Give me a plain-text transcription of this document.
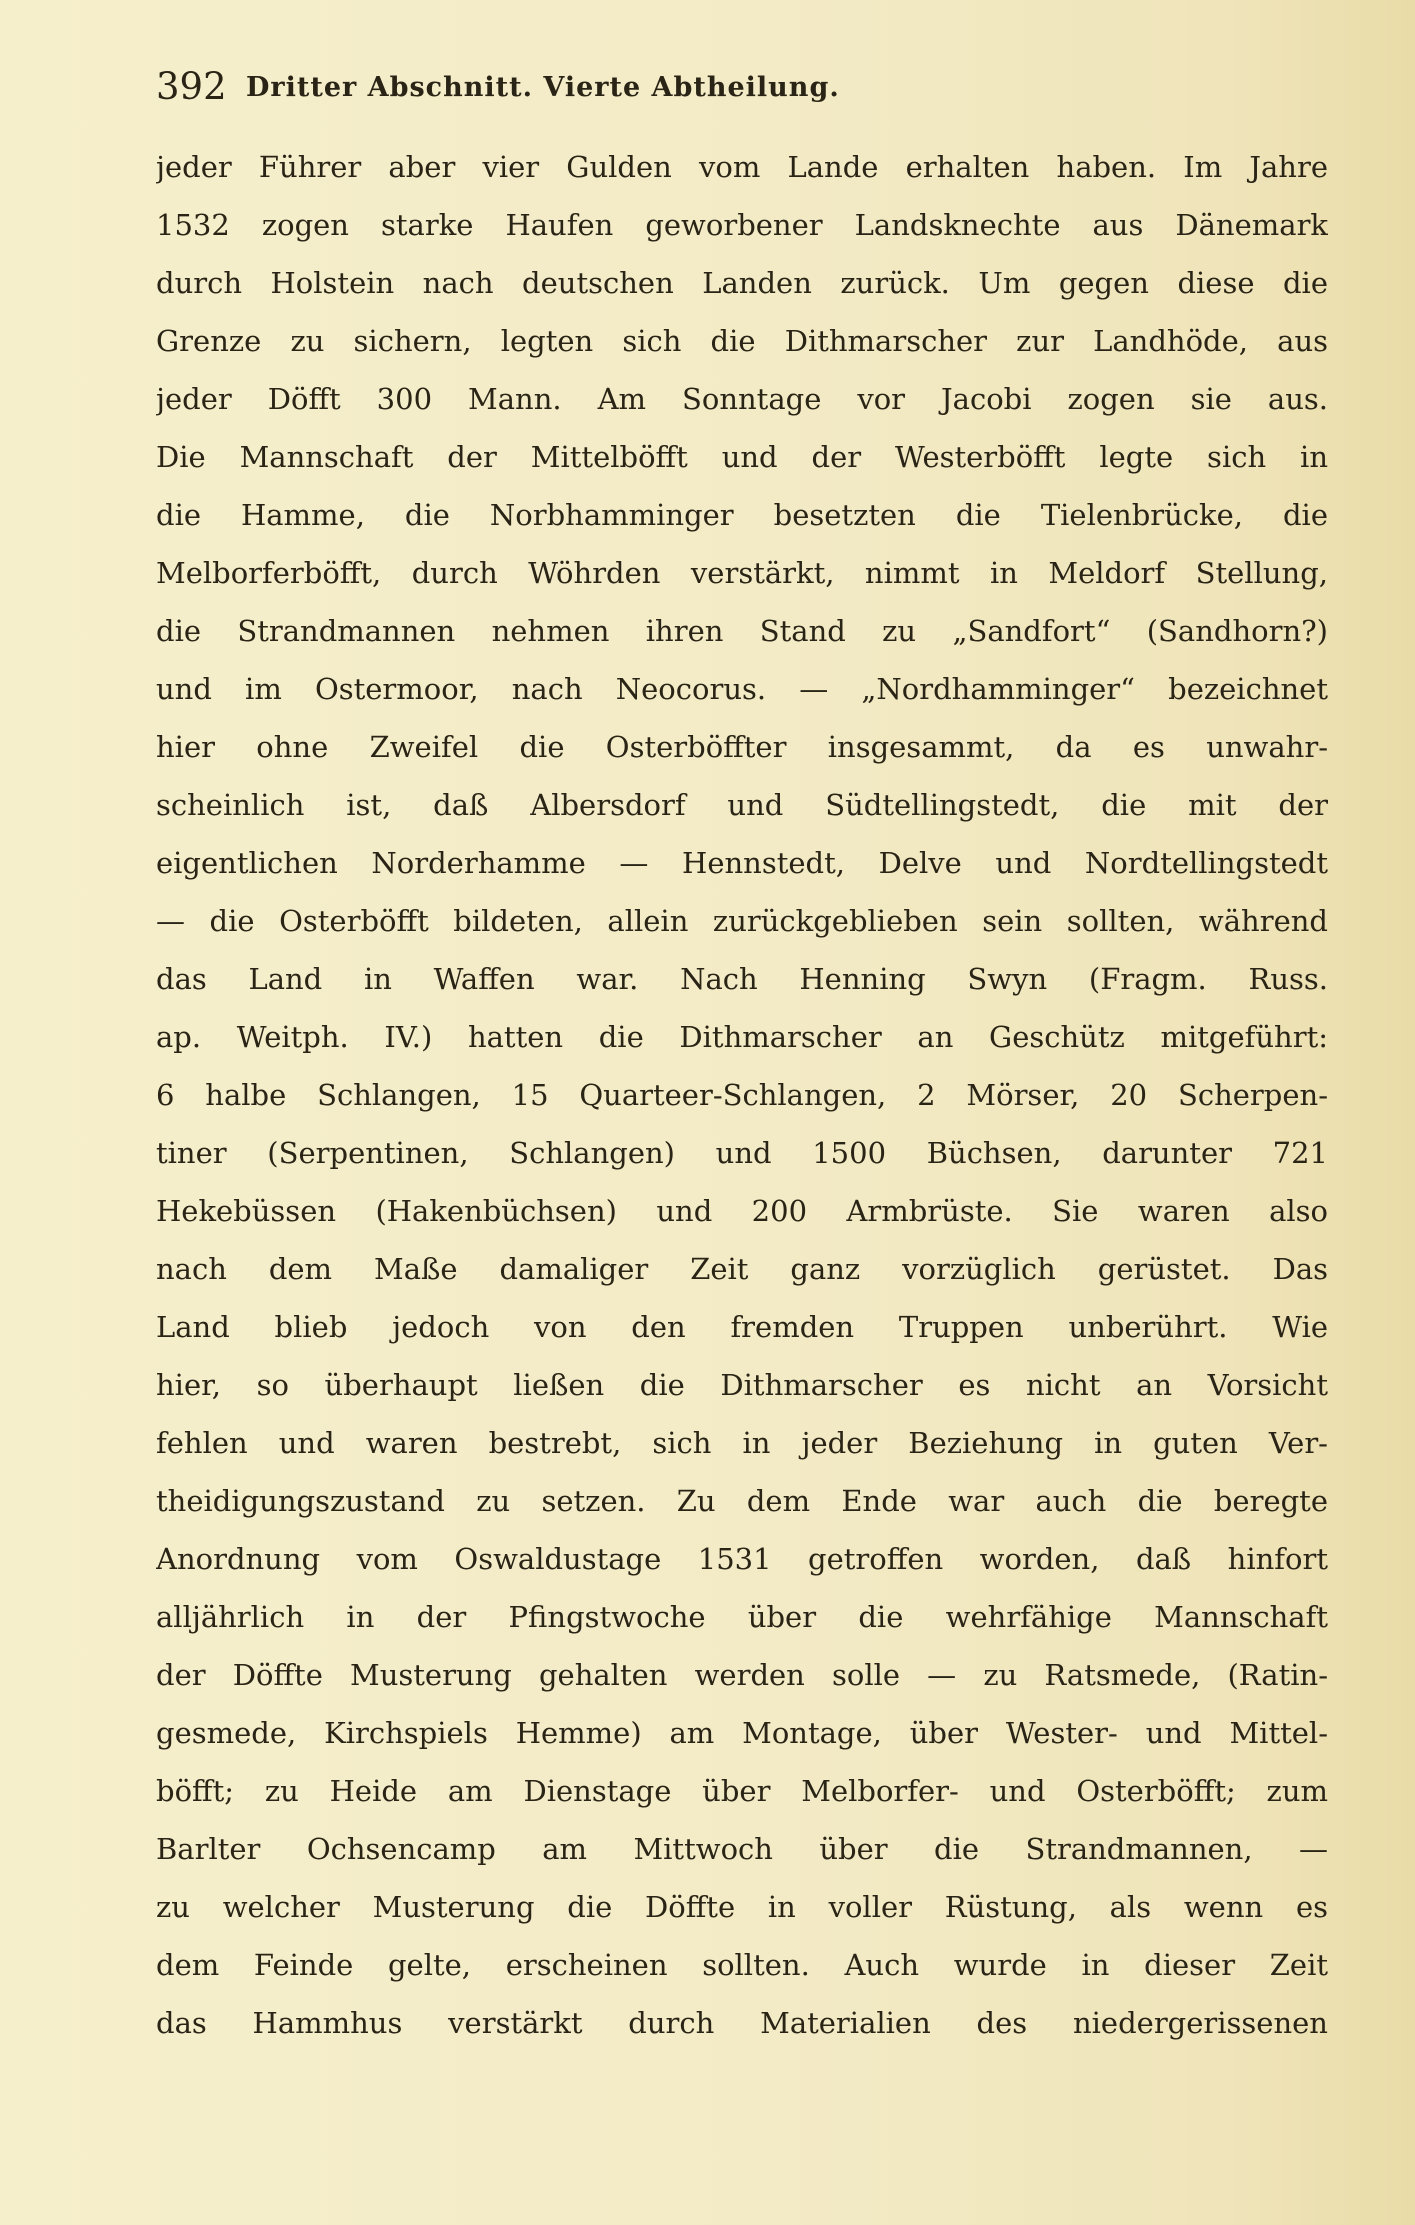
392 Dritter Abschnitt. Vierte Abtheilung.
jeder Führer aber vier Gulden vom Lande erhalten haben. Im Jahre
1532 zogen starke Haufen geworbener Landsknechte aus Dänemark
durch Holstein nach deutschen Landen zurück. Um gegen diese die
Grenze zu sichern, legten sich die Dithmarscher zur Landhöde, aus
jeder Döfft 300 Mann. Am Sonntage vor Jacobi zogen sie aus.
Die Mannschaft der Mittelböfft und der Westerböfft legte sich in
die Hamme, die Norbhamminger besetzten die Tielenbrücke, die
Melborferböfft, durch Wöhrden verstärkt, nimmt in Meldorf Stellung,
die Strandmannen nehmen ihren Stand zu „Sandfort“ (Sandhorn?)
und im Ostermoor, nach Neocorus. — „Nordhamminger“ bezeichnet
hier ohne Zweifel die Osterböffter insgesammt, da es unwahr-
scheinlich ist, daß Albersdorf und Südtellingstedt, die mit der
eigentlichen Norderhamme — Hennstedt, Delve und Nordtellingstedt
— die Osterböfft bildeten, allein zurückgeblieben sein sollten, während
das Land in Waffen war. Nach Henning Swyn (Fragm. Russ.
ap. Weitph. IV.) hatten die Dithmarscher an Geschütz mitgeführt:
6 halbe Schlangen, 15 Quarteer-Schlangen, 2 Mörser, 20 Scherpen-
tiner (Serpentinen, Schlangen) und 1500 Büchsen, darunter 721
Hekebüssen (Hakenbüchsen) und 200 Armbrüste. Sie waren also
nach dem Maße damaliger Zeit ganz vorzüglich gerüstet. Das
Land blieb jedoch von den fremden Truppen unberührt. Wie
hier, so überhaupt ließen die Dithmarscher es nicht an Vorsicht
fehlen und waren bestrebt, sich in jeder Beziehung in guten Ver-
theidigungszustand zu setzen. Zu dem Ende war auch die beregte
Anordnung vom Oswaldustage 1531 getroffen worden, daß hinfort
alljährlich in der Pfingstwoche über die wehrfähige Mannschaft
der Döffte Musterung gehalten werden solle — zu Ratsmede, (Ratin-
gesmede, Kirchspiels Hemme) am Montage, über Wester- und Mittel-
böfft; zu Heide am Dienstage über Melborfer- und Osterböfft; zum
Barlter Ochsencamp am Mittwoch über die Strandmannen, —
zu welcher Musterung die Döffte in voller Rüstung, als wenn es
dem Feinde gelte, erscheinen sollten. Auch wurde in dieser Zeit
das Hammhus verstärkt durch Materialien des niedergerissenen
